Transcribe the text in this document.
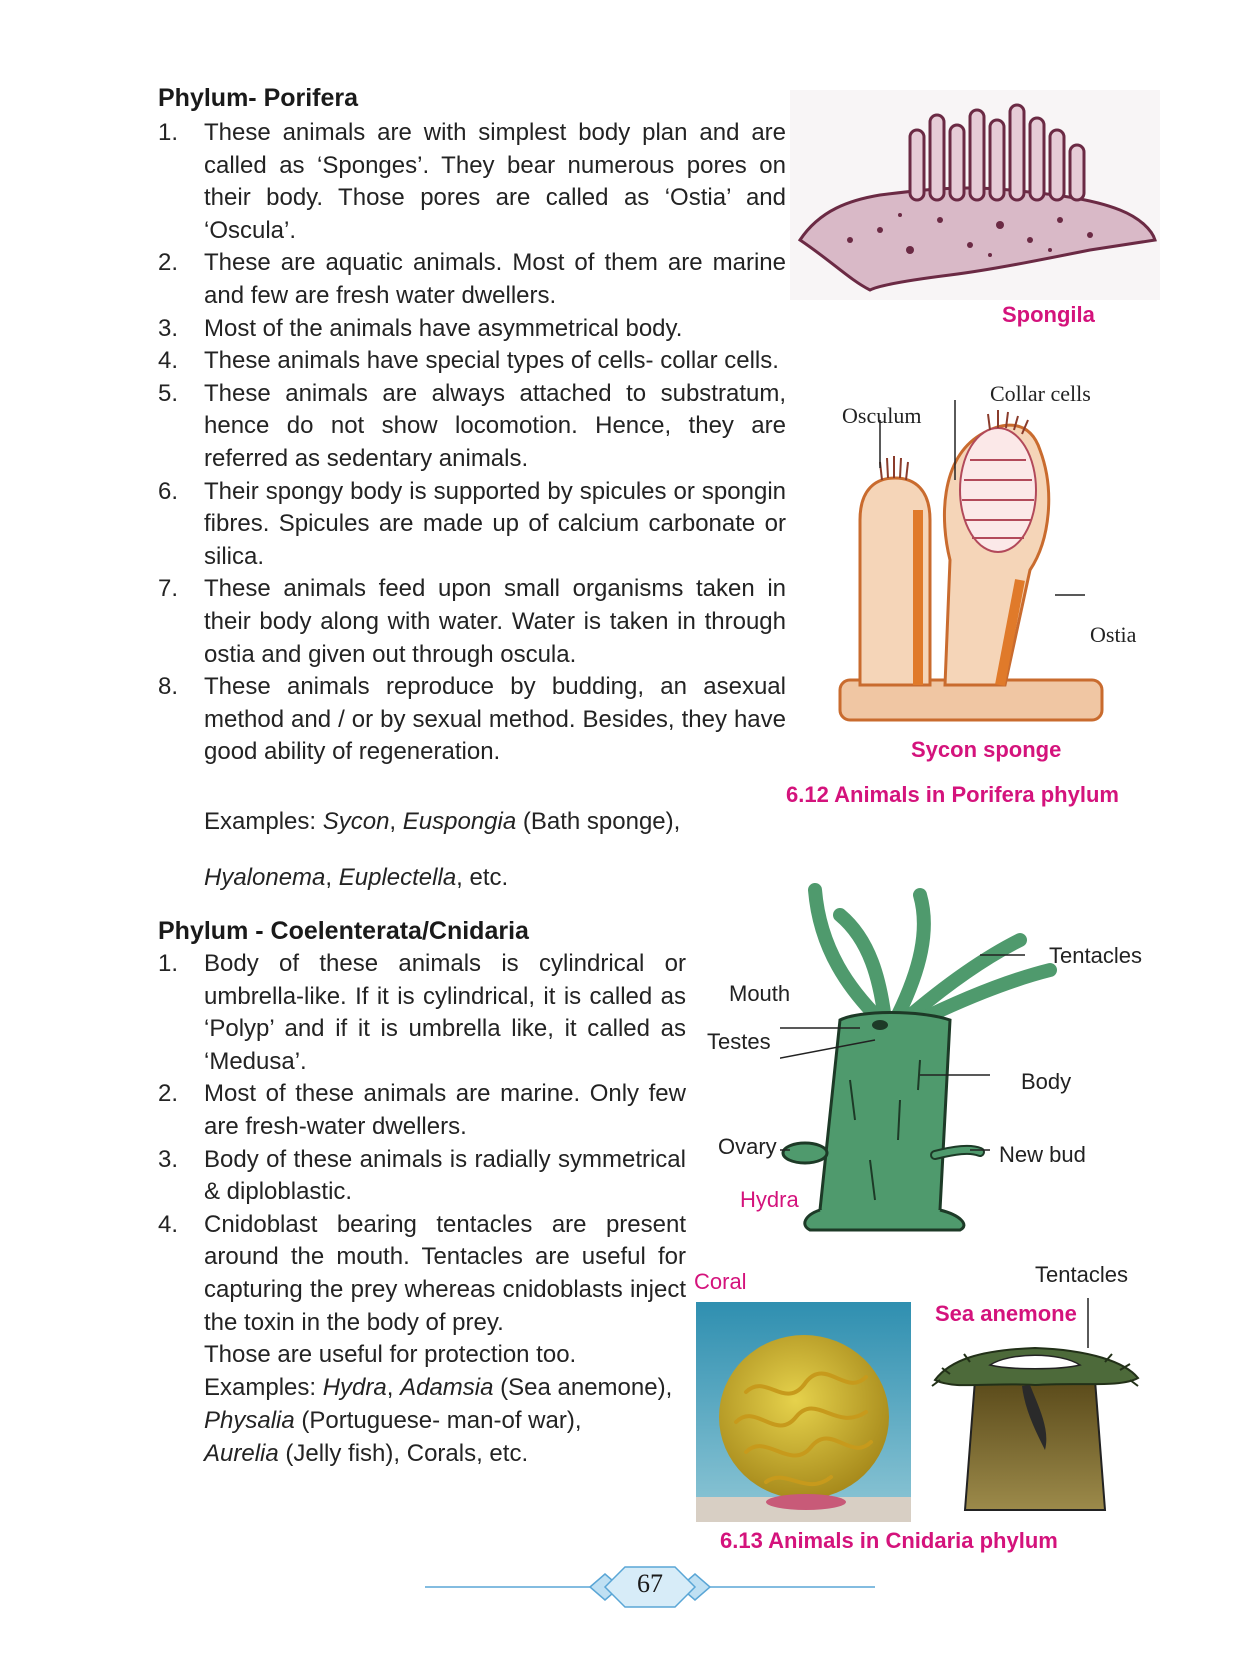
Phylum- Porifera
1. These animals are with simplest body plan and are called as ‘Sponges’. They bear numerous pores on their body. Those pores are called as ‘Ostia’ and ‘Oscula’.
2. These are aquatic animals. Most of them are marine and few are fresh water dwellers.
3. Most of the animals have asymmetrical body.
4. These animals have special types of cells- collar cells.
5. These animals are always attached to substratum, hence do not show locomotion. Hence, they are referred as sedentary animals.
6. Their spongy body is supported by spicules or spongin fibres. Spicules are made up of calcium carbonate or silica.
7. These animals feed upon small organisms taken in their body along with water. Water is taken in through ostia and given out through oscula.
8. These animals reproduce by budding, an asexual method and / or by sexual method. Besides, they have good ability of regeneration.
Examples: Sycon, Euspongia (Bath sponge),
Hyalonema, Euplectella, etc.
Phylum - Coelenterata/Cnidaria
1. Body of these animals is cylindrical or umbrella-like. If it is cylindrical, it is called as ‘Polyp’ and if it is umbrella like, it called as ‘Medusa’.
2. Most of these animals are marine. Only few are fresh-water dwellers.
3. Body of these animals is radially symmetrical & diploblastic.
4. Cnidoblast bearing tentacles are present around the mouth. Tentacles are useful for capturing the prey whereas cnidoblasts inject the toxin in the body of prey.
Those are useful for protection too.
Examples: Hydra, Adamsia (Sea anemone),
Physalia (Portuguese- man-of war),
Aurelia (Jelly fish), Corals, etc.
Spongila
Osculum
Collar cells
Ostia
Sycon sponge
6.12 Animals in Porifera phylum
Tentacles
Mouth
Testes
Body
Ovary	New bud
Hydra
Coral	Tentacles
Sea anemone
6.13 Animals in Cnidaria phylum
67
